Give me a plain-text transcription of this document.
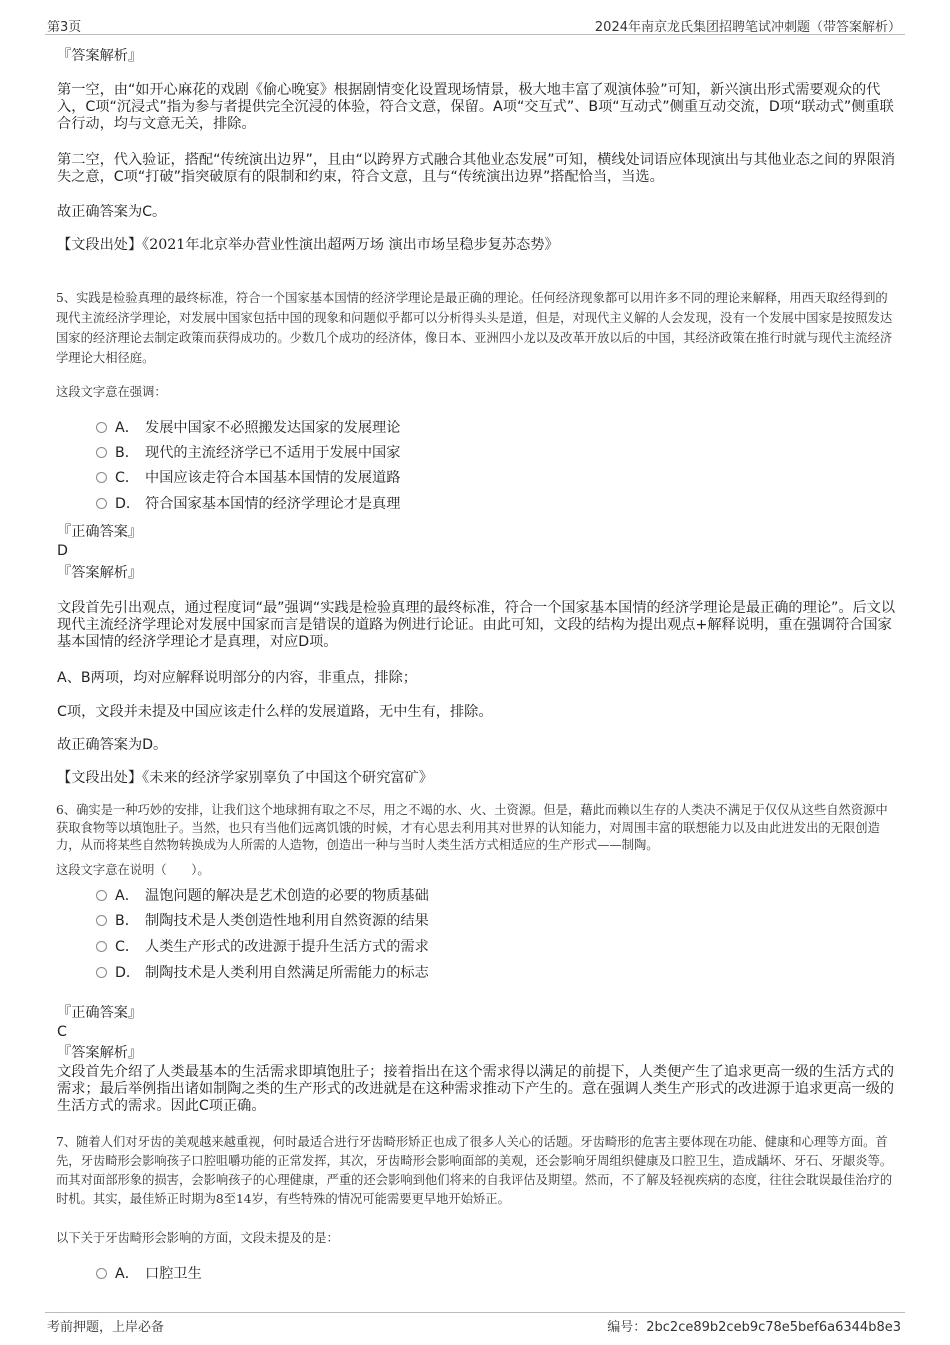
第3页	2024年南京龙氏集团招聘笔试冲刺题（带答案解析）

『答案解析』

第一空，由“如开心麻花的戏剧《偷心晚宴》根据剧情变化设置现场情景，极大地丰富了观演体验”可知，新兴演出形式需要观众的代入，C项“沉浸式”指为参与者提供完全沉浸的体验，符合文意，保留。A项“交互式”、B项“互动式”侧重互动交流，D项“联动式”侧重联合行动，均与文意无关，排除。

第二空，代入验证，搭配“传统演出边界”，且由“以跨界方式融合其他业态发展”可知，横线处词语应体现演出与其他业态之间的界限消失之意，C项“打破”指突破原有的限制和约束，符合文意，且与“传统演出边界”搭配恰当，当选。

故正确答案为C。

【文段出处】《2021年北京举办营业性演出超两万场 演出市场呈稳步复苏态势》

5、实践是检验真理的最终标准，符合一个国家基本国情的经济学理论是最正确的理论。任何经济现象都可以用许多不同的理论来解释，用西天取经得到的现代主流经济学理论，对发展中国家包括中国的现象和问题似乎都可以分析得头头是道，但是，对现代主义解的人会发现，没有一个发展中国家是按照发达国家的经济理论去制定政策而获得成功的。少数几个成功的经济体，像日本、亚洲四小龙以及改革开放以后的中国，其经济政策在推行时就与现代主流经济学理论大相径庭。

这段文字意在强调：

A． 发展中国家不必照搬发达国家的发展理论
B． 现代的主流经济学已不适用于发展中国家
C． 中国应该走符合本国基本国情的发展道路
D． 符合国家基本国情的经济学理论才是真理

『正确答案』

D

『答案解析』

文段首先引出观点，通过程度词“最”强调“实践是检验真理的最终标准，符合一个国家基本国情的经济学理论是最正确的理论”。后文以现代主流经济学理论对发展中国家而言是错误的道路为例进行论证。由此可知，文段的结构为提出观点+解释说明，重在强调符合国家基本国情的经济学理论才是真理，对应D项。

A、B两项，均对应解释说明部分的内容，非重点，排除；

C项，文段并未提及中国应该走什么样的发展道路，无中生有，排除。

故正确答案为D。

【文段出处】《未来的经济学家别辜负了中国这个研究富矿》

6、确实是一种巧妙的安排，让我们这个地球拥有取之不尽，用之不竭的水、火、土资源。但是，藉此而赖以生存的人类决不满足于仅仅从这些自然资源中获取食物等以填饱肚子。当然，也只有当他们远离饥饿的时候，才有心思去利用其对世界的认知能力，对周围丰富的联想能力以及由此进发出的无限创造力，从而将某些自然物转换成为人所需的人造物，创造出一种与当时人类生活方式相适应的生产形式——制陶。

这段文字意在说明（　　）。

A． 温饱问题的解决是艺术创造的必要的物质基础
B． 制陶技术是人类创造性地利用自然资源的结果
C． 人类生产形式的改进源于提升生活方式的需求
D． 制陶技术是人类利用自然满足所需能力的标志

『正确答案』

C

『答案解析』

文段首先介绍了人类最基本的生活需求即填饱肚子；接着指出在这个需求得以满足的前提下，人类便产生了追求更高一级的生活方式的需求；最后举例指出诸如制陶之类的生产形式的改进就是在这种需求推动下产生的。意在强调人类生产形式的改进源于追求更高一级的生活方式的需求。因此C项正确。

7、随着人们对牙齿的美观越来越重视，何时最适合进行牙齿畸形矫正也成了很多人关心的话题。牙齿畸形的危害主要体现在功能、健康和心理等方面。首先，牙齿畸形会影响孩子口腔咀嚼功能的正常发挥，其次，牙齿畸形会影响面部的美观，还会影响牙周组织健康及口腔卫生，造成龋坏、牙石、牙龈炎等。而其对面部形象的损害，会影响孩子的心理健康，严重的还会影响到他们将来的自我评估及期望。然而，不了解及轻视疾病的态度，往往会耽误最佳治疗的时机。其实，最佳矫正时期为8至14岁，有些特殊的情况可能需要更早地开始矫正。

以下关于牙齿畸形会影响的方面，文段未提及的是：

A． 口腔卫生
考前押题，上岸必备	编号：2bc2ce89b2ceb9c78e5bef6a6344b8e3
